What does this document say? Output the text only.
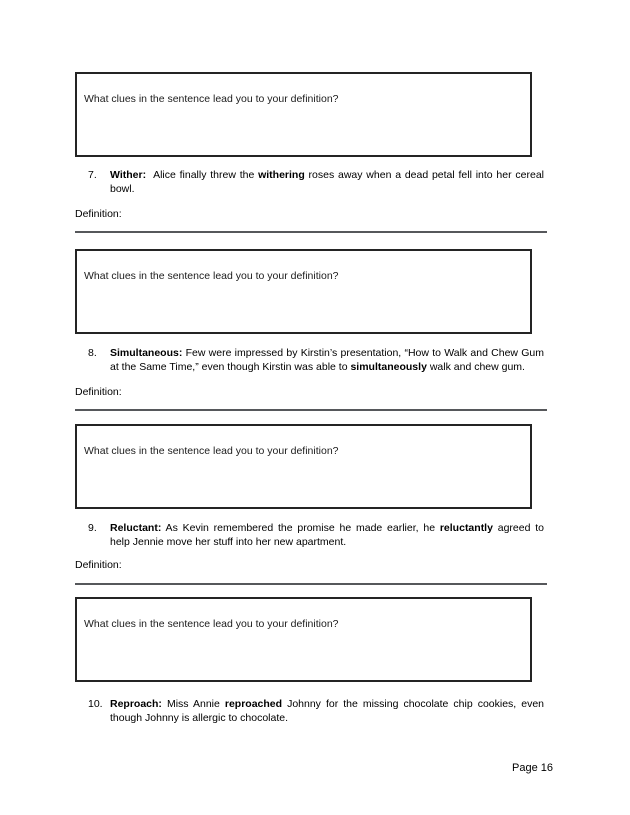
What clues in the sentence lead you to your definition?

7.	Wither:  Alice finally threw the withering roses away when a dead petal fell into her cereal bowl.

Definition:

What clues in the sentence lead you to your definition?

8.	Simultaneous: Few were impressed by Kirstin’s presentation, “How to Walk and Chew Gum at the Same Time,” even though Kirstin was able to simultaneously walk and chew gum.

Definition:

What clues in the sentence lead you to your definition?

9.	Reluctant: As Kevin remembered the promise he made earlier, he reluctantly agreed to help Jennie move her stuff into her new apartment.

Definition:

What clues in the sentence lead you to your definition?

10. Reproach: Miss Annie reproached Johnny for the missing chocolate chip cookies, even though Johnny is allergic to chocolate.

Page 16
